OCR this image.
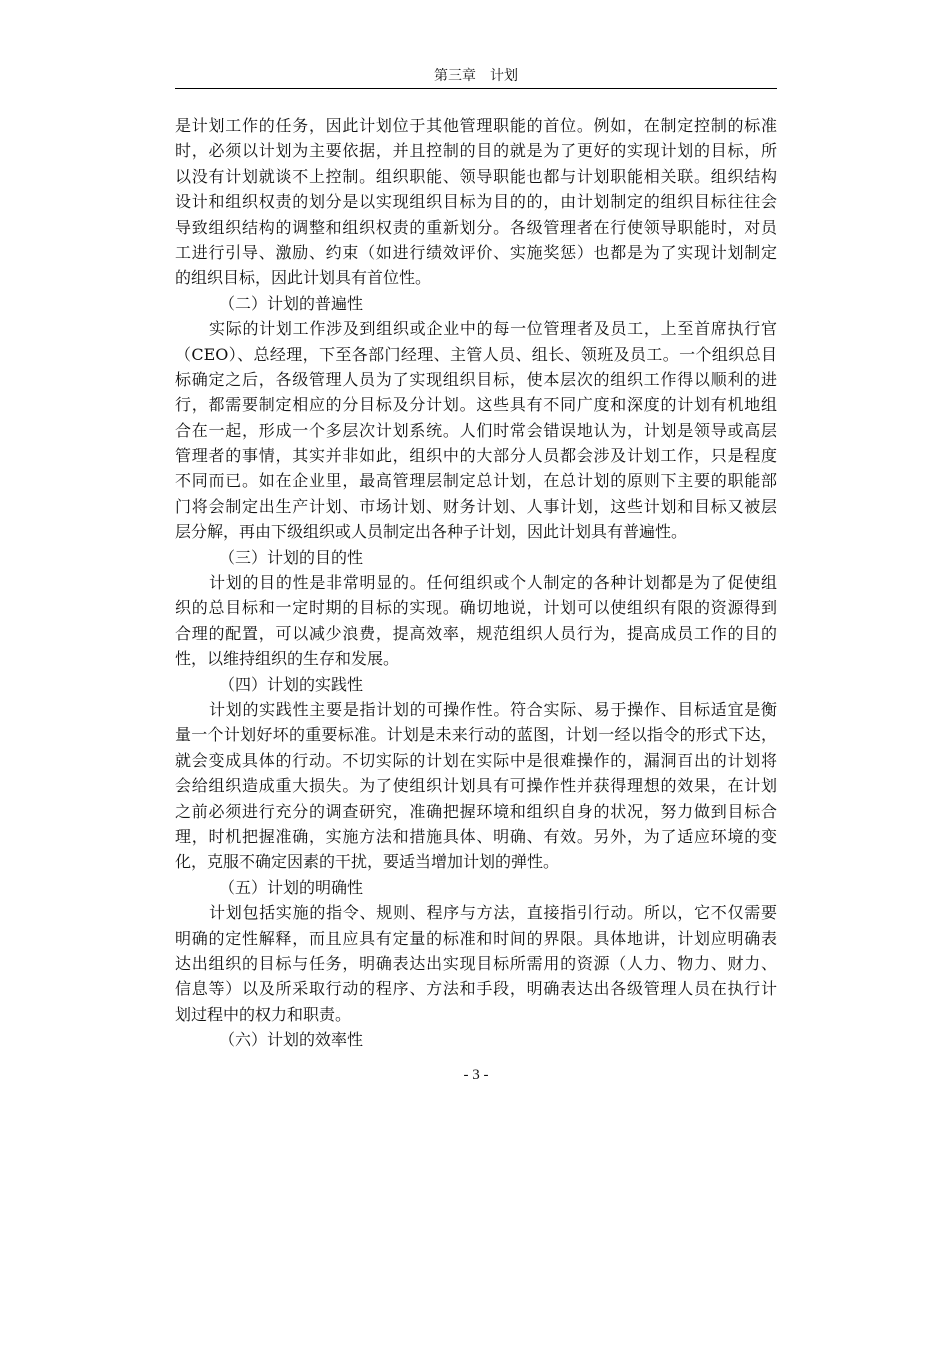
第三章　计划
是计划工作的任务，因此计划位于其他管理职能的首位。例如，在制定控制的标准
时，必须以计划为主要依据，并且控制的目的就是为了更好的实现计划的目标，所
以没有计划就谈不上控制。组织职能、领导职能也都与计划职能相关联。组织结构
设计和组织权责的划分是以实现组织目标为目的的，由计划制定的组织目标往往会
导致组织结构的调整和组织权责的重新划分。各级管理者在行使领导职能时，对员
工进行引导、激励、约束（如进行绩效评价、实施奖惩）也都是为了实现计划制定
的组织目标，因此计划具有首位性。
（二）计划的普遍性
实际的计划工作涉及到组织或企业中的每一位管理者及员工，上至首席执行官
（CEO）、总经理，下至各部门经理、主管人员、组长、领班及员工。一个组织总目
标确定之后，各级管理人员为了实现组织目标，使本层次的组织工作得以顺利的进
行，都需要制定相应的分目标及分计划。这些具有不同广度和深度的计划有机地组
合在一起，形成一个多层次计划系统。人们时常会错误地认为，计划是领导或高层
管理者的事情，其实并非如此，组织中的大部分人员都会涉及计划工作，只是程度
不同而已。如在企业里，最高管理层制定总计划，在总计划的原则下主要的职能部
门将会制定出生产计划、市场计划、财务计划、人事计划，这些计划和目标又被层
层分解，再由下级组织或人员制定出各种子计划，因此计划具有普遍性。
（三）计划的目的性
计划的目的性是非常明显的。任何组织或个人制定的各种计划都是为了促使组
织的总目标和一定时期的目标的实现。确切地说，计划可以使组织有限的资源得到
合理的配置，可以减少浪费，提高效率，规范组织人员行为，提高成员工作的目的
性，以维持组织的生存和发展。
（四）计划的实践性
计划的实践性主要是指计划的可操作性。符合实际、易于操作、目标适宜是衡
量一个计划好坏的重要标准。计划是未来行动的蓝图，计划一经以指令的形式下达，
就会变成具体的行动。不切实际的计划在实际中是很难操作的，漏洞百出的计划将
会给组织造成重大损失。为了使组织计划具有可操作性并获得理想的效果，在计划
之前必须进行充分的调查研究，准确把握环境和组织自身的状况，努力做到目标合
理，时机把握准确，实施方法和措施具体、明确、有效。另外，为了适应环境的变
化，克服不确定因素的干扰，要适当增加计划的弹性。
（五）计划的明确性
计划包括实施的指令、规则、程序与方法，直接指引行动。所以，它不仅需要
明确的定性解释，而且应具有定量的标准和时间的界限。具体地讲，计划应明确表
达出组织的目标与任务，明确表达出实现目标所需用的资源（人力、物力、财力、
信息等）以及所采取行动的程序、方法和手段，明确表达出各级管理人员在执行计
划过程中的权力和职责。
（六）计划的效率性
- 3 -
